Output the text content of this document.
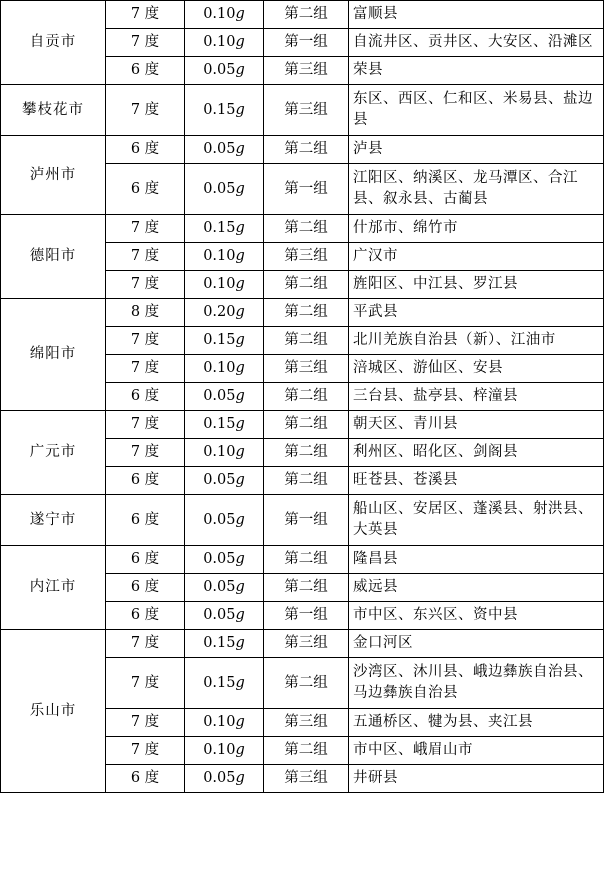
自贡市	7 度	0.10g	第二组	富顺县
	7 度	0.10g	第一组	自流井区、贡井区、大安区、沿滩区
	6 度	0.05g	第三组	荣县
攀枝花市	7 度	0.15g	第三组	东区、西区、仁和区、米易县、盐边县
泸州市	6 度	0.05g	第二组	泸县
	6 度	0.05g	第一组	江阳区、纳溪区、龙马潭区、合江县、叙永县、古蔺县
德阳市	7 度	0.15g	第二组	什邡市、绵竹市
	7 度	0.10g	第三组	广汉市
	7 度	0.10g	第二组	旌阳区、中江县、罗江县
绵阳市	8 度	0.20g	第二组	平武县
	7 度	0.15g	第二组	北川羌族自治县（新）、江油市
	7 度	0.10g	第三组	涪城区、游仙区、安县
	6 度	0.05g	第二组	三台县、盐亭县、梓潼县
广元市	7 度	0.15g	第二组	朝天区、青川县
	7 度	0.10g	第二组	利州区、昭化区、剑阁县
	6 度	0.05g	第二组	旺苍县、苍溪县
遂宁市	6 度	0.05g	第一组	船山区、安居区、蓬溪县、射洪县、大英县
内江市	6 度	0.05g	第二组	隆昌县
	6 度	0.05g	第二组	威远县
	6 度	0.05g	第一组	市中区、东兴区、资中县
乐山市	7 度	0.15g	第三组	金口河区
	7 度	0.15g	第二组	沙湾区、沐川县、峨边彝族自治县、马边彝族自治县
	7 度	0.10g	第三组	五通桥区、犍为县、夹江县
	7 度	0.10g	第二组	市中区、峨眉山市
	6 度	0.05g	第三组	井研县
